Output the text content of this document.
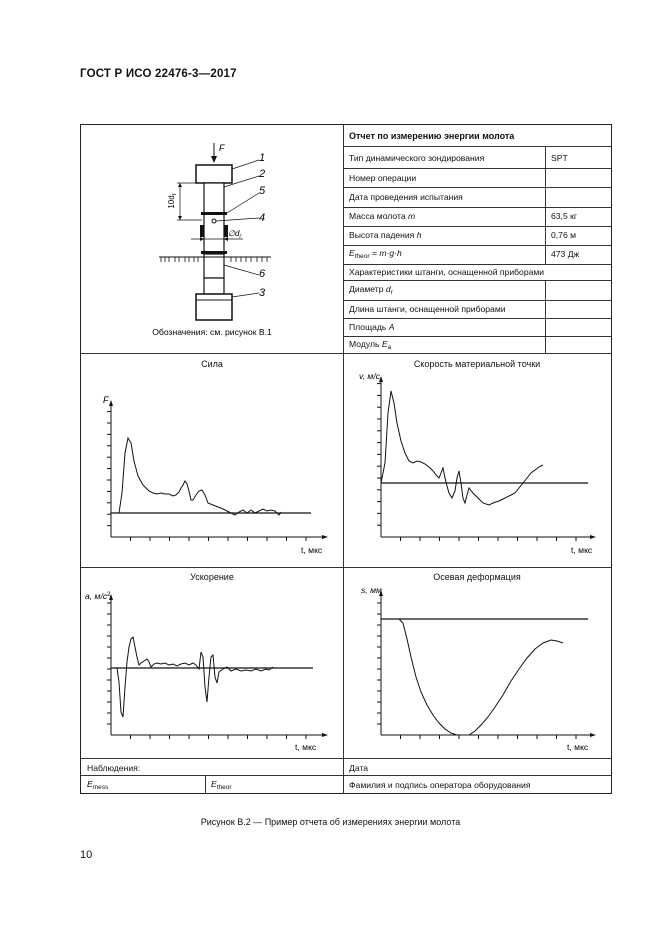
ГОСТ Р ИСО 22476-3—2017
Отчет по измерению энергии молота
Тип динамического зондирования	SPT
Номер операции
Дата проведения испытания
Масса молота m	63,5 кг
Высота падения h	0,76 м
$E_{theor} = m\cdot g\cdot h$	473 Дж
Характеристики штанги, оснащенной приборами
Диаметр $d_r$
Длина штанги, оснащенной приборами
Площадь A
Модуль $E_a$
F
$10d_r$
$\emptyset d_r$
1
2
5
4
6
3
Обозначения: см. рисунок В.1
Сила	Скорость материальной точки
Ускорение	Осевая деформация
F
t, мкс
v, м/с
t, мкс
a, $м/с^2$
t, мкс
s, мм
t, мкс
Наблюдения:	Дата
$E_{mess}$	$E_{theor}$	Фамилия и подпись оператора оборудования
Рисунок В.2 — Пример отчета об измерениях энергии молота
10
